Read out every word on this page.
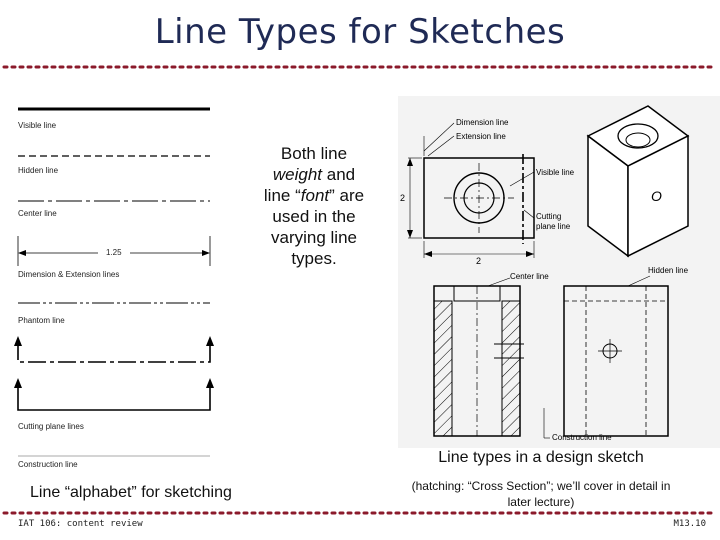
Line Types for Sketches
Visible line
Hidden line
Center line
1.25
Dimension & Extension lines
Phantom line
Cutting plane lines
Construction line
Both line
weight and
line “font” are
used in the
varying line
types.
Dimension line
Extension line
Visible line
Cutting
plane line
Hidden line
Center line
Construction line
2
2
O
Line “alphabet” for sketching
Line types in a design sketch
(hatching: “Cross Section”; we’ll cover in detail in later lecture)
IAT 106: content review	M13.10
